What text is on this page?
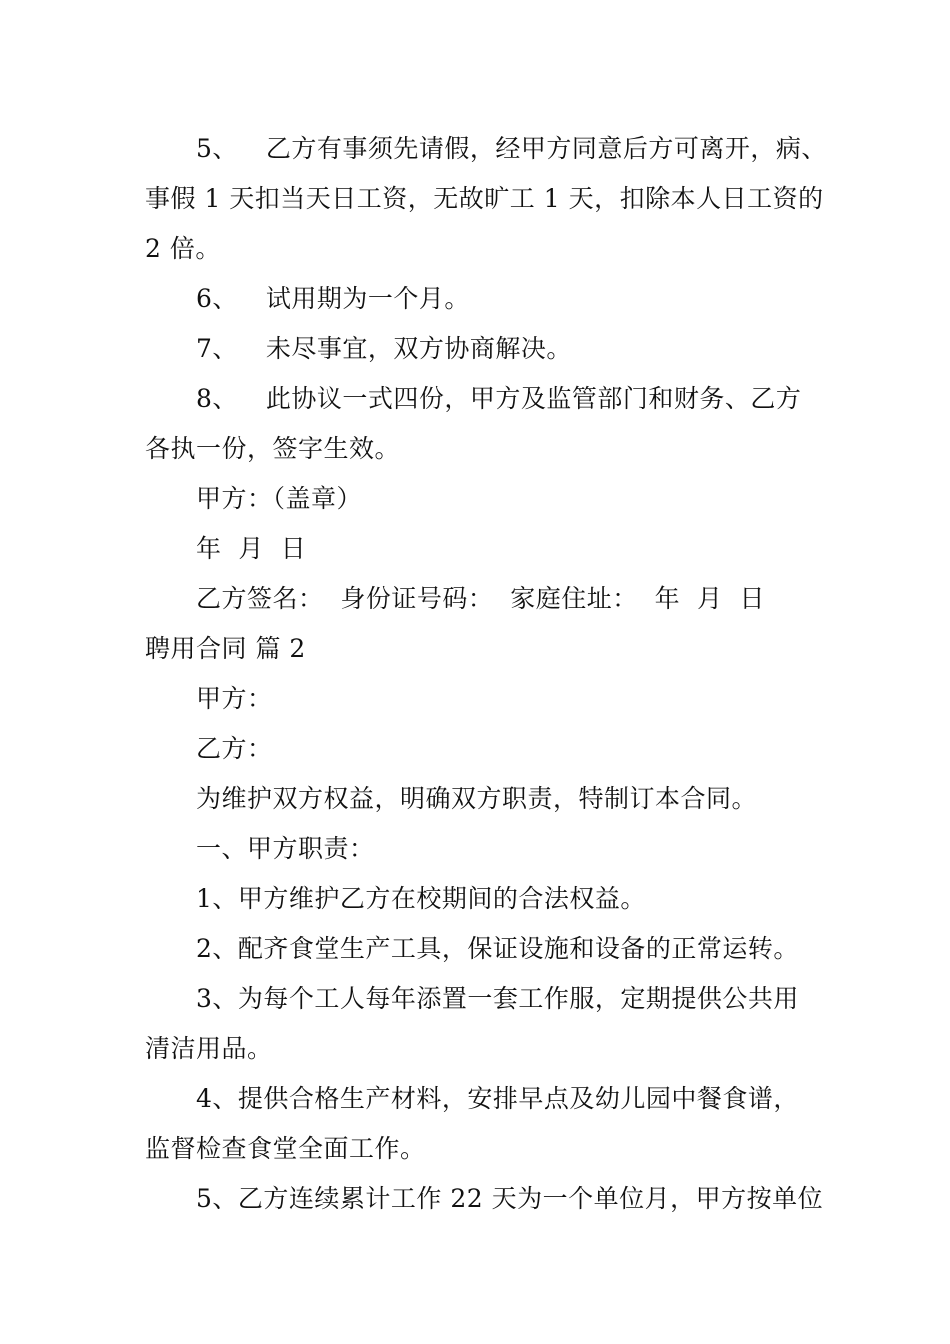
5、 乙方有事须先请假，经甲方同意后方可离开，病、
事假 1 天扣当天日工资，无故旷工 1 天，扣除本人日工资的
2 倍。
6、 试用期为一个月。
7、 未尽事宜，双方协商解决。
8、 此协议一式四份，甲方及监管部门和财务、乙方
各执一份，签字生效。
甲方：（盖章）
年  月  日
乙方签名：  身份证号码：  家庭住址：  年  月  日
聘用合同 篇 2
甲方：
乙方：
为维护双方权益，明确双方职责，特制订本合同。
一、甲方职责：
1、甲方维护乙方在校期间的合法权益。
2、配齐食堂生产工具，保证设施和设备的正常运转。
3、为每个工人每年添置一套工作服，定期提供公共用
清洁用品。
4、提供合格生产材料，安排早点及幼儿园中餐食谱，
监督检查食堂全面工作。
5、乙方连续累计工作 22 天为一个单位月，甲方按单位
